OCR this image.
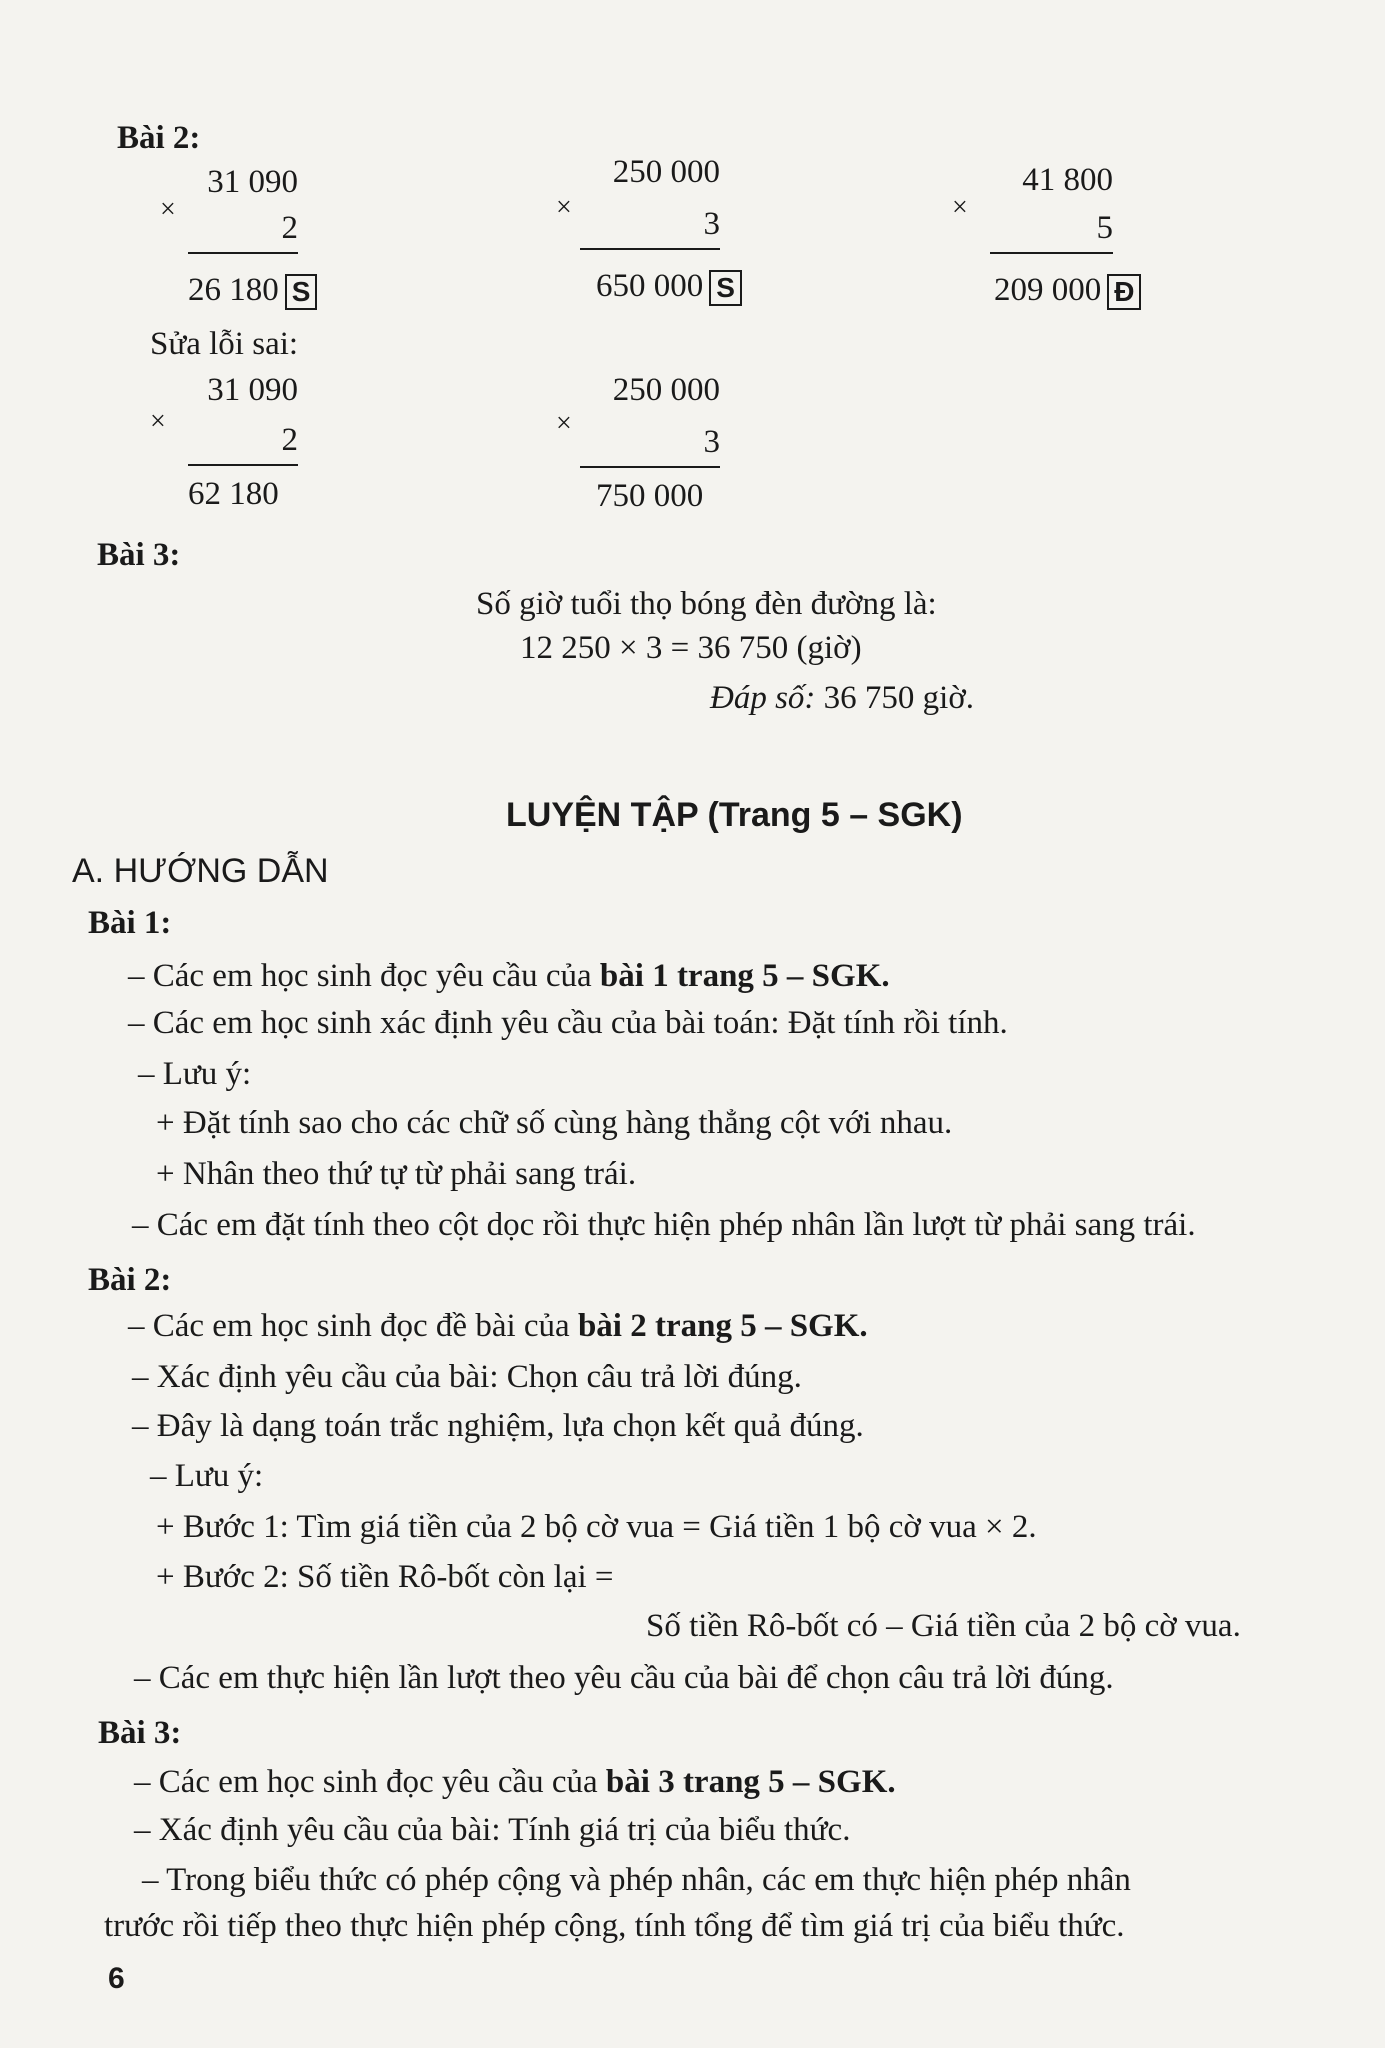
Bài 2:
31 090
×
2
26 180 S
250 000
×	3
650 000 S
41 800
×
5
209 000 Đ
Sửa lỗi sai:
31 090
×
2
62 180
250 000
×
3
750 000
Bài 3:
Số giờ tuổi thọ bóng đèn đường là:
12 250 × 3 = 36 750 (giờ)
Đáp số: 36 750 giờ.
LUYỆN TẬP (Trang 5 – SGK)
A. HƯỚNG DẪN
Bài 1:
– Các em học sinh đọc yêu cầu của bài 1 trang 5 – SGK.
– Các em học sinh xác định yêu cầu của bài toán: Đặt tính rồi tính.
– Lưu ý:
+ Đặt tính sao cho các chữ số cùng hàng thẳng cột với nhau.
+ Nhân theo thứ tự từ phải sang trái.
– Các em đặt tính theo cột dọc rồi thực hiện phép nhân lần lượt từ phải sang trái.
Bài 2:
– Các em học sinh đọc đề bài của bài 2 trang 5 – SGK.
– Xác định yêu cầu của bài: Chọn câu trả lời đúng.
– Đây là dạng toán trắc nghiệm, lựa chọn kết quả đúng.
– Lưu ý:
+ Bước 1: Tìm giá tiền của 2 bộ cờ vua = Giá tiền 1 bộ cờ vua × 2.
+ Bước 2: Số tiền Rô-bốt còn lại =
Số tiền Rô-bốt có – Giá tiền của 2 bộ cờ vua.
– Các em thực hiện lần lượt theo yêu cầu của bài để chọn câu trả lời đúng.
Bài 3:
– Các em học sinh đọc yêu cầu của bài 3 trang 5 – SGK.
– Xác định yêu cầu của bài: Tính giá trị của biểu thức.
– Trong biểu thức có phép cộng và phép nhân, các em thực hiện phép nhân
trước rồi tiếp theo thực hiện phép cộng, tính tổng để tìm giá trị của biểu thức.
6
